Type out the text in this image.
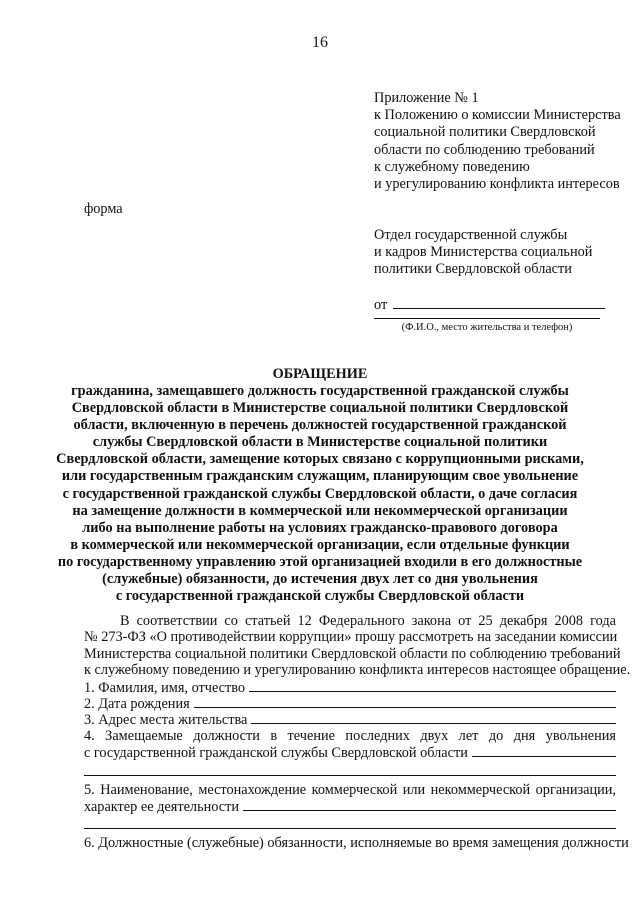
16
Приложение № 1
к Положению о комиссии Министерства
социальной политики Свердловской
области по соблюдению требований
к служебному поведению
и урегулированию конфликта интересов
форма
Отдел государственной службы
и кадров Министерства социальной
политики Свердловской области
от
(Ф.И.О., место жительства и телефон)
ОБРАЩЕНИЕ
гражданина, замещавшего должность государственной гражданской службы
Свердловской области в Министерстве социальной политики Свердловской
области, включенную в перечень должностей государственной гражданской
службы Свердловской области в Министерстве социальной политики
Свердловской области, замещение которых связано с коррупционными рисками,
или государственным гражданским служащим, планирующим свое увольнение
с государственной гражданской службы Свердловской области, о даче согласия
на замещение должности в коммерческой или некоммерческой организации
либо на выполнение работы на условиях гражданско-правового договора
в коммерческой или некоммерческой организации, если отдельные функции
по государственному управлению этой организацией входили в его должностные
(служебные) обязанности, до истечения двух лет со дня увольнения
с государственной гражданской службы Свердловской области
В соответствии со статьей 12 Федерального закона от 25 декабря 2008 года
№ 273-ФЗ «О противодействии коррупции» прошу рассмотреть на заседании комиссии
Министерства социальной политики Свердловской области по соблюдению требований
к служебному поведению и урегулированию конфликта интересов настоящее обращение.
1. Фамилия, имя, отчество
2. Дата рождения
3. Адрес места жительства
4. Замещаемые должности в течение последних двух лет до дня увольнения
с государственной гражданской службы Свердловской области
5. Наименование, местонахождение коммерческой или некоммерческой организации,
характер ее деятельности
6. Должностные (служебные) обязанности, исполняемые во время замещения должности
